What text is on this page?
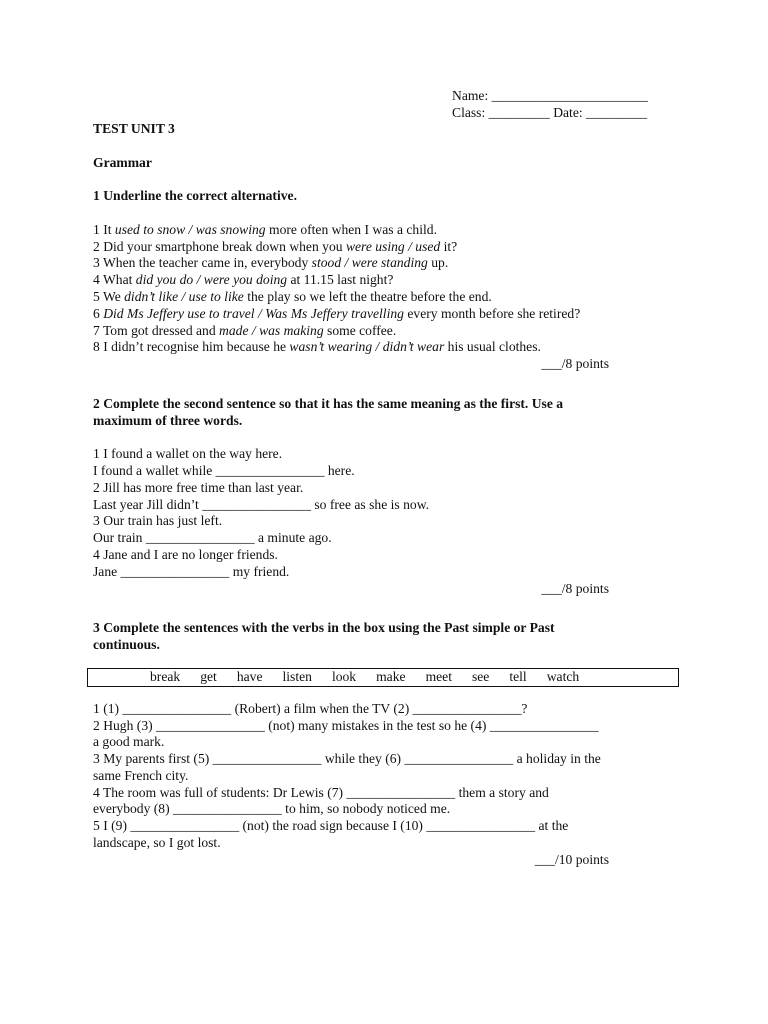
Name: _______________________
Class: _________ Date: _________
TEST UNIT 3
Grammar
1 Underline the correct alternative.
1 It used to snow / was snowing more often when I was a child.
2 Did your smartphone break down when you were using / used it?
3 When the teacher came in, everybody stood / were standing up.
4 What did you do / were you doing at 11.15 last night?
5 We didn’t like / use to like the play so we left the theatre before the end.
6 Did Ms Jeffery use to travel / Was Ms Jeffery travelling every month before she retired?
7 Tom got dressed and made / was making some coffee.
8 I didn’t recognise him because he wasn’t wearing / didn’t wear his usual clothes.
___/8 points
2 Complete the second sentence so that it has the same meaning as the first. Use a
maximum of three words.
1 I found a wallet on the way here.
I found a wallet while ________________ here.
2 Jill has more free time than last year.
Last year Jill didn’t ________________ so free as she is now.
3 Our train has just left.
Our train ________________ a minute ago.
4 Jane and I are no longer friends.
Jane ________________ my friend.
___/8 points
3 Complete the sentences with the verbs in the box using the Past simple or Past
continuous.
break get have listen look make meet see tell watch
1 (1) ________________ (Robert) a film when the TV (2) ________________?
2 Hugh (3) ________________ (not) many mistakes in the test so he (4) ________________
a good mark.
3 My parents first (5) ________________ while they (6) ________________ a holiday in the
same French city.
4 The room was full of students: Dr Lewis (7) ________________ them a story and
everybody (8) ________________ to him, so nobody noticed me.
5 I (9) ________________ (not) the road sign because I (10) ________________ at the
landscape, so I got lost.
___/10 points
